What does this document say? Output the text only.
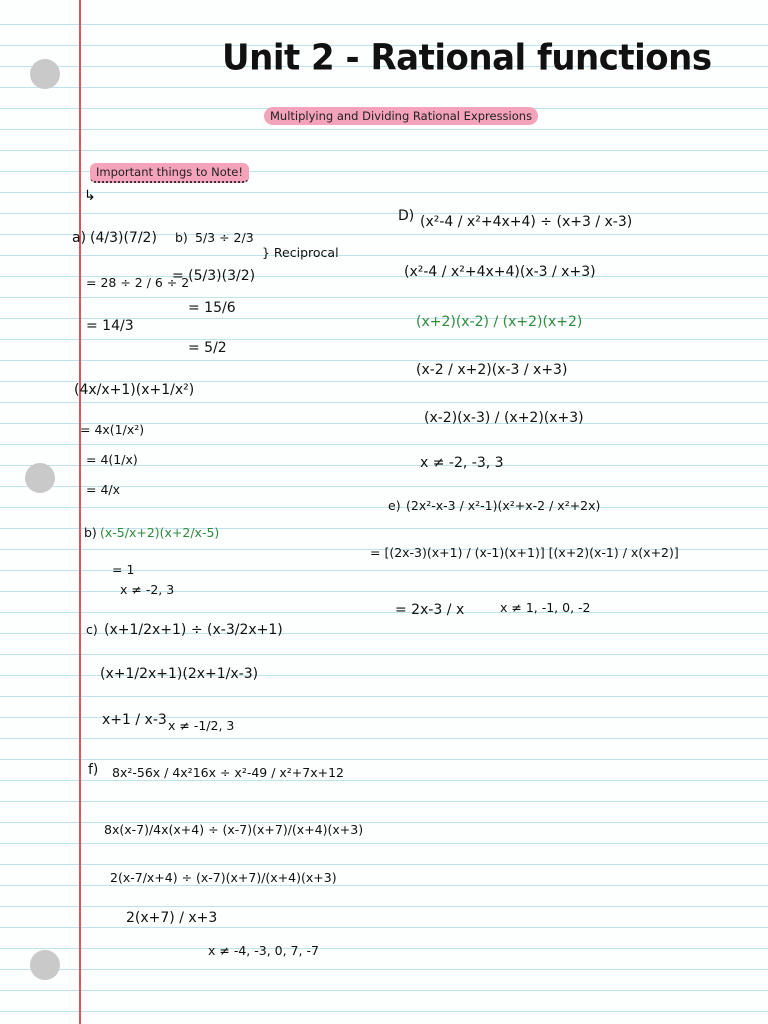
Unit 2 - Rational functions
Multiplying and Dividing Rational Expressions
Important things to Note!
↳
a) (4/3)(7/2)
= 28 ÷ 2 / 6 ÷ 2
= 14/3
b) 5/3 ÷ 2/3
} Reciprocal
= (5/3)(3/2)
= 15/6
= 5/2
(4x/x+1)(x+1/x²)
= 4x(1/x²)
= 4(1/x)
= 4/x
b) (x-5/x+2)(x+2/x-5)
= 1
x ≠ -2, 3
c) (x+1/2x+1) ÷ (x-3/2x+1)
(x+1/2x+1)(2x+1/x-3)
x+1 / x-3 x ≠ -1/2, 3
f) 8x²-56x / 4x²16x ÷ x²-49 / x²+7x+12
8x(x-7)/4x(x+4) ÷ (x-7)(x+7)/(x+4)(x+3)
2(x-7/x+4) ÷ (x-7)(x+7)/(x+4)(x+3)
2(x+7) / x+3
x ≠ -4, -3, 0, 7, -7
D) (x²-4 / x²+4x+4) ÷ (x+3 / x-3)
(x²-4 / x²+4x+4)(x-3 / x+3)
(x+2)(x-2) / (x+2)(x+2)
(x-2 / x+2)(x-3 / x+3)
(x-2)(x-3) / (x+2)(x+3)
x ≠ -2, -3, 3
e) (2x²-x-3 / x²-1)(x²+x-2 / x²+2x)
= [(2x-3)(x+1) / (x-1)(x+1)] [(x+2)(x-1) / x(x+2)]
= 2x-3 / x	x ≠ 1, -1, 0, -2
